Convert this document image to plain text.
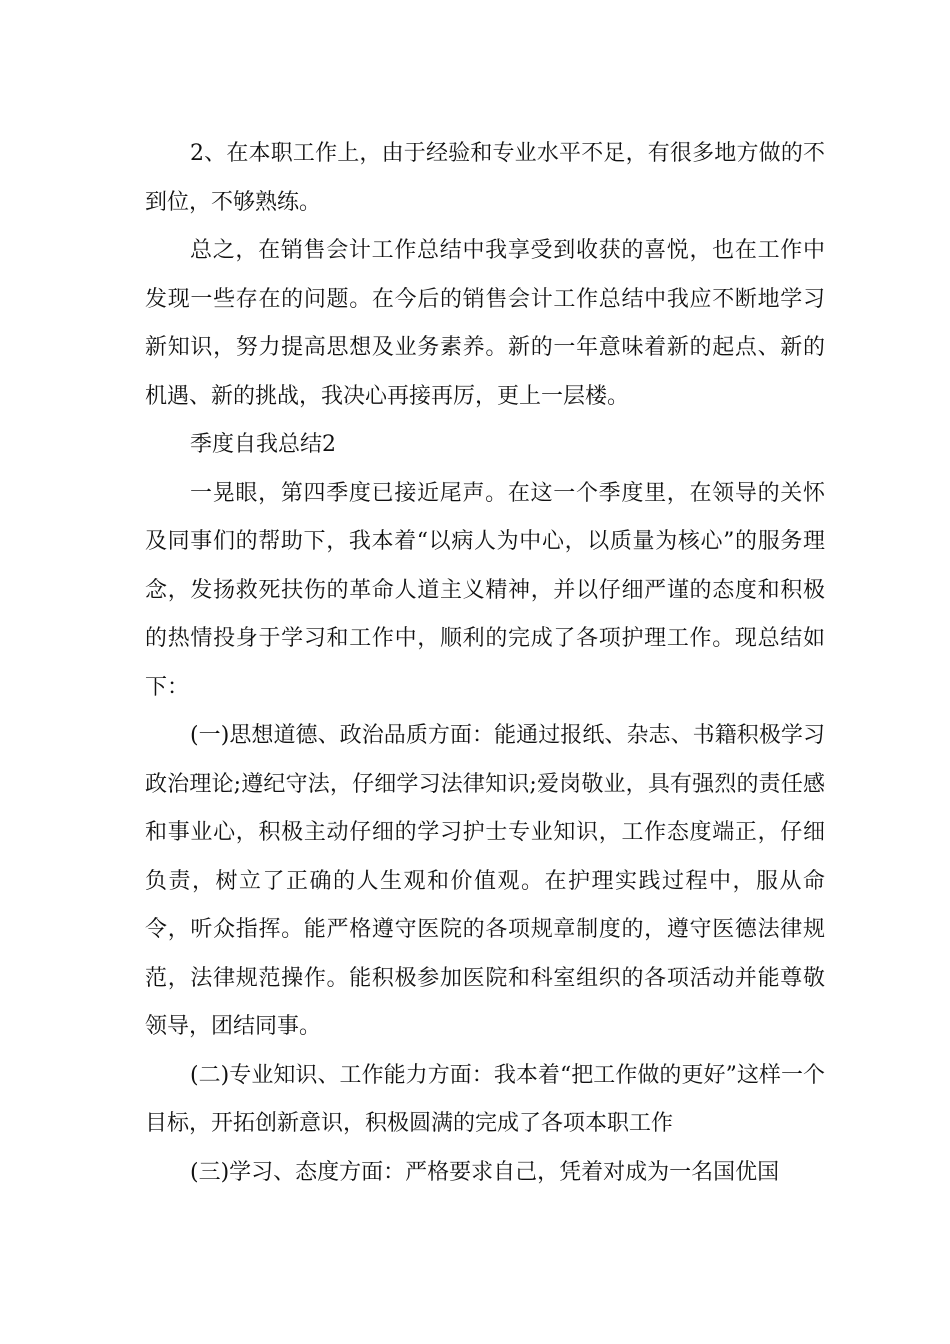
2、在本职工作上，由于经验和专业水平不足，有很多地方做的不到位，不够熟练。

总之，在销售会计工作总结中我享受到收获的喜悦，也在工作中发现一些存在的问题。在今后的销售会计工作总结中我应不断地学习新知识，努力提高思想及业务素养。新的一年意味着新的起点、新的机遇、新的挑战，我决心再接再厉，更上一层楼。

季度自我总结2

一晃眼，第四季度已接近尾声。在这一个季度里，在领导的关怀及同事们的帮助下，我本着“以病人为中心，以质量为核心”的服务理念，发扬救死扶伤的革命人道主义精神，并以仔细严谨的态度和积极的热情投身于学习和工作中，顺利的完成了各项护理工作。现总结如下：

(一)思想道德、政治品质方面：能通过报纸、杂志、书籍积极学习政治理论;遵纪守法，仔细学习法律知识;爱岗敬业，具有强烈的责任感和事业心，积极主动仔细的学习护士专业知识，工作态度端正，仔细负责，树立了正确的人生观和价值观。在护理实践过程中，服从命令，听众指挥。能严格遵守医院的各项规章制度的，遵守医德法律规范，法律规范操作。能积极参加医院和科室组织的各项活动并能尊敬领导，团结同事。

(二)专业知识、工作能力方面：我本着“把工作做的更好”这样一个目标，开拓创新意识，积极圆满的完成了各项本职工作

(三)学习、态度方面：严格要求自己，凭着对成为一名国优国
